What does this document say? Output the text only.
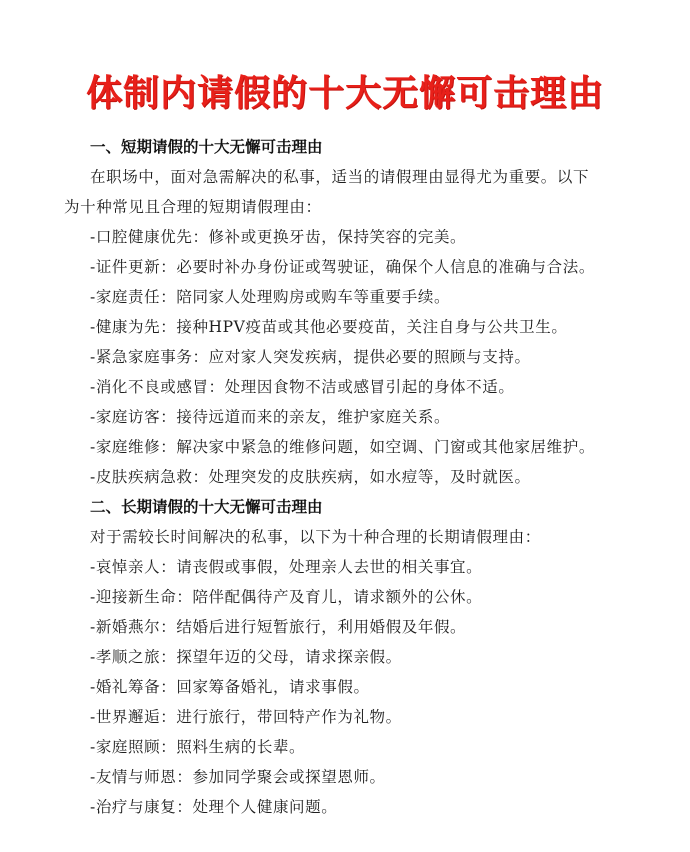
体制内请假的十大无懈可击理由
一、短期请假的十大无懈可击理由
在职场中，面对急需解决的私事，适当的请假理由显得尤为重要。以下
为十种常见且合理的短期请假理由：
-口腔健康优先：修补或更换牙齿，保持笑容的完美。
-证件更新：必要时补办身份证或驾驶证，确保个人信息的准确与合法。
-家庭责任：陪同家人处理购房或购车等重要手续。
-健康为先：接种HPV疫苗或其他必要疫苗，关注自身与公共卫生。
-紧急家庭事务：应对家人突发疾病，提供必要的照顾与支持。
-消化不良或感冒：处理因食物不洁或感冒引起的身体不适。
-家庭访客：接待远道而来的亲友，维护家庭关系。
-家庭维修：解决家中紧急的维修问题，如空调、门窗或其他家居维护。
-皮肤疾病急救：处理突发的皮肤疾病，如水痘等，及时就医。
二、长期请假的十大无懈可击理由
对于需较长时间解决的私事，以下为十种合理的长期请假理由：
-哀悼亲人：请丧假或事假，处理亲人去世的相关事宜。
-迎接新生命：陪伴配偶待产及育儿，请求额外的公休。
-新婚燕尔：结婚后进行短暂旅行，利用婚假及年假。
-孝顺之旅：探望年迈的父母，请求探亲假。
-婚礼筹备：回家筹备婚礼，请求事假。
-世界邂逅：进行旅行，带回特产作为礼物。
-家庭照顾：照料生病的长辈。
-友情与师恩：参加同学聚会或探望恩师。
-治疗与康复：处理个人健康问题。
